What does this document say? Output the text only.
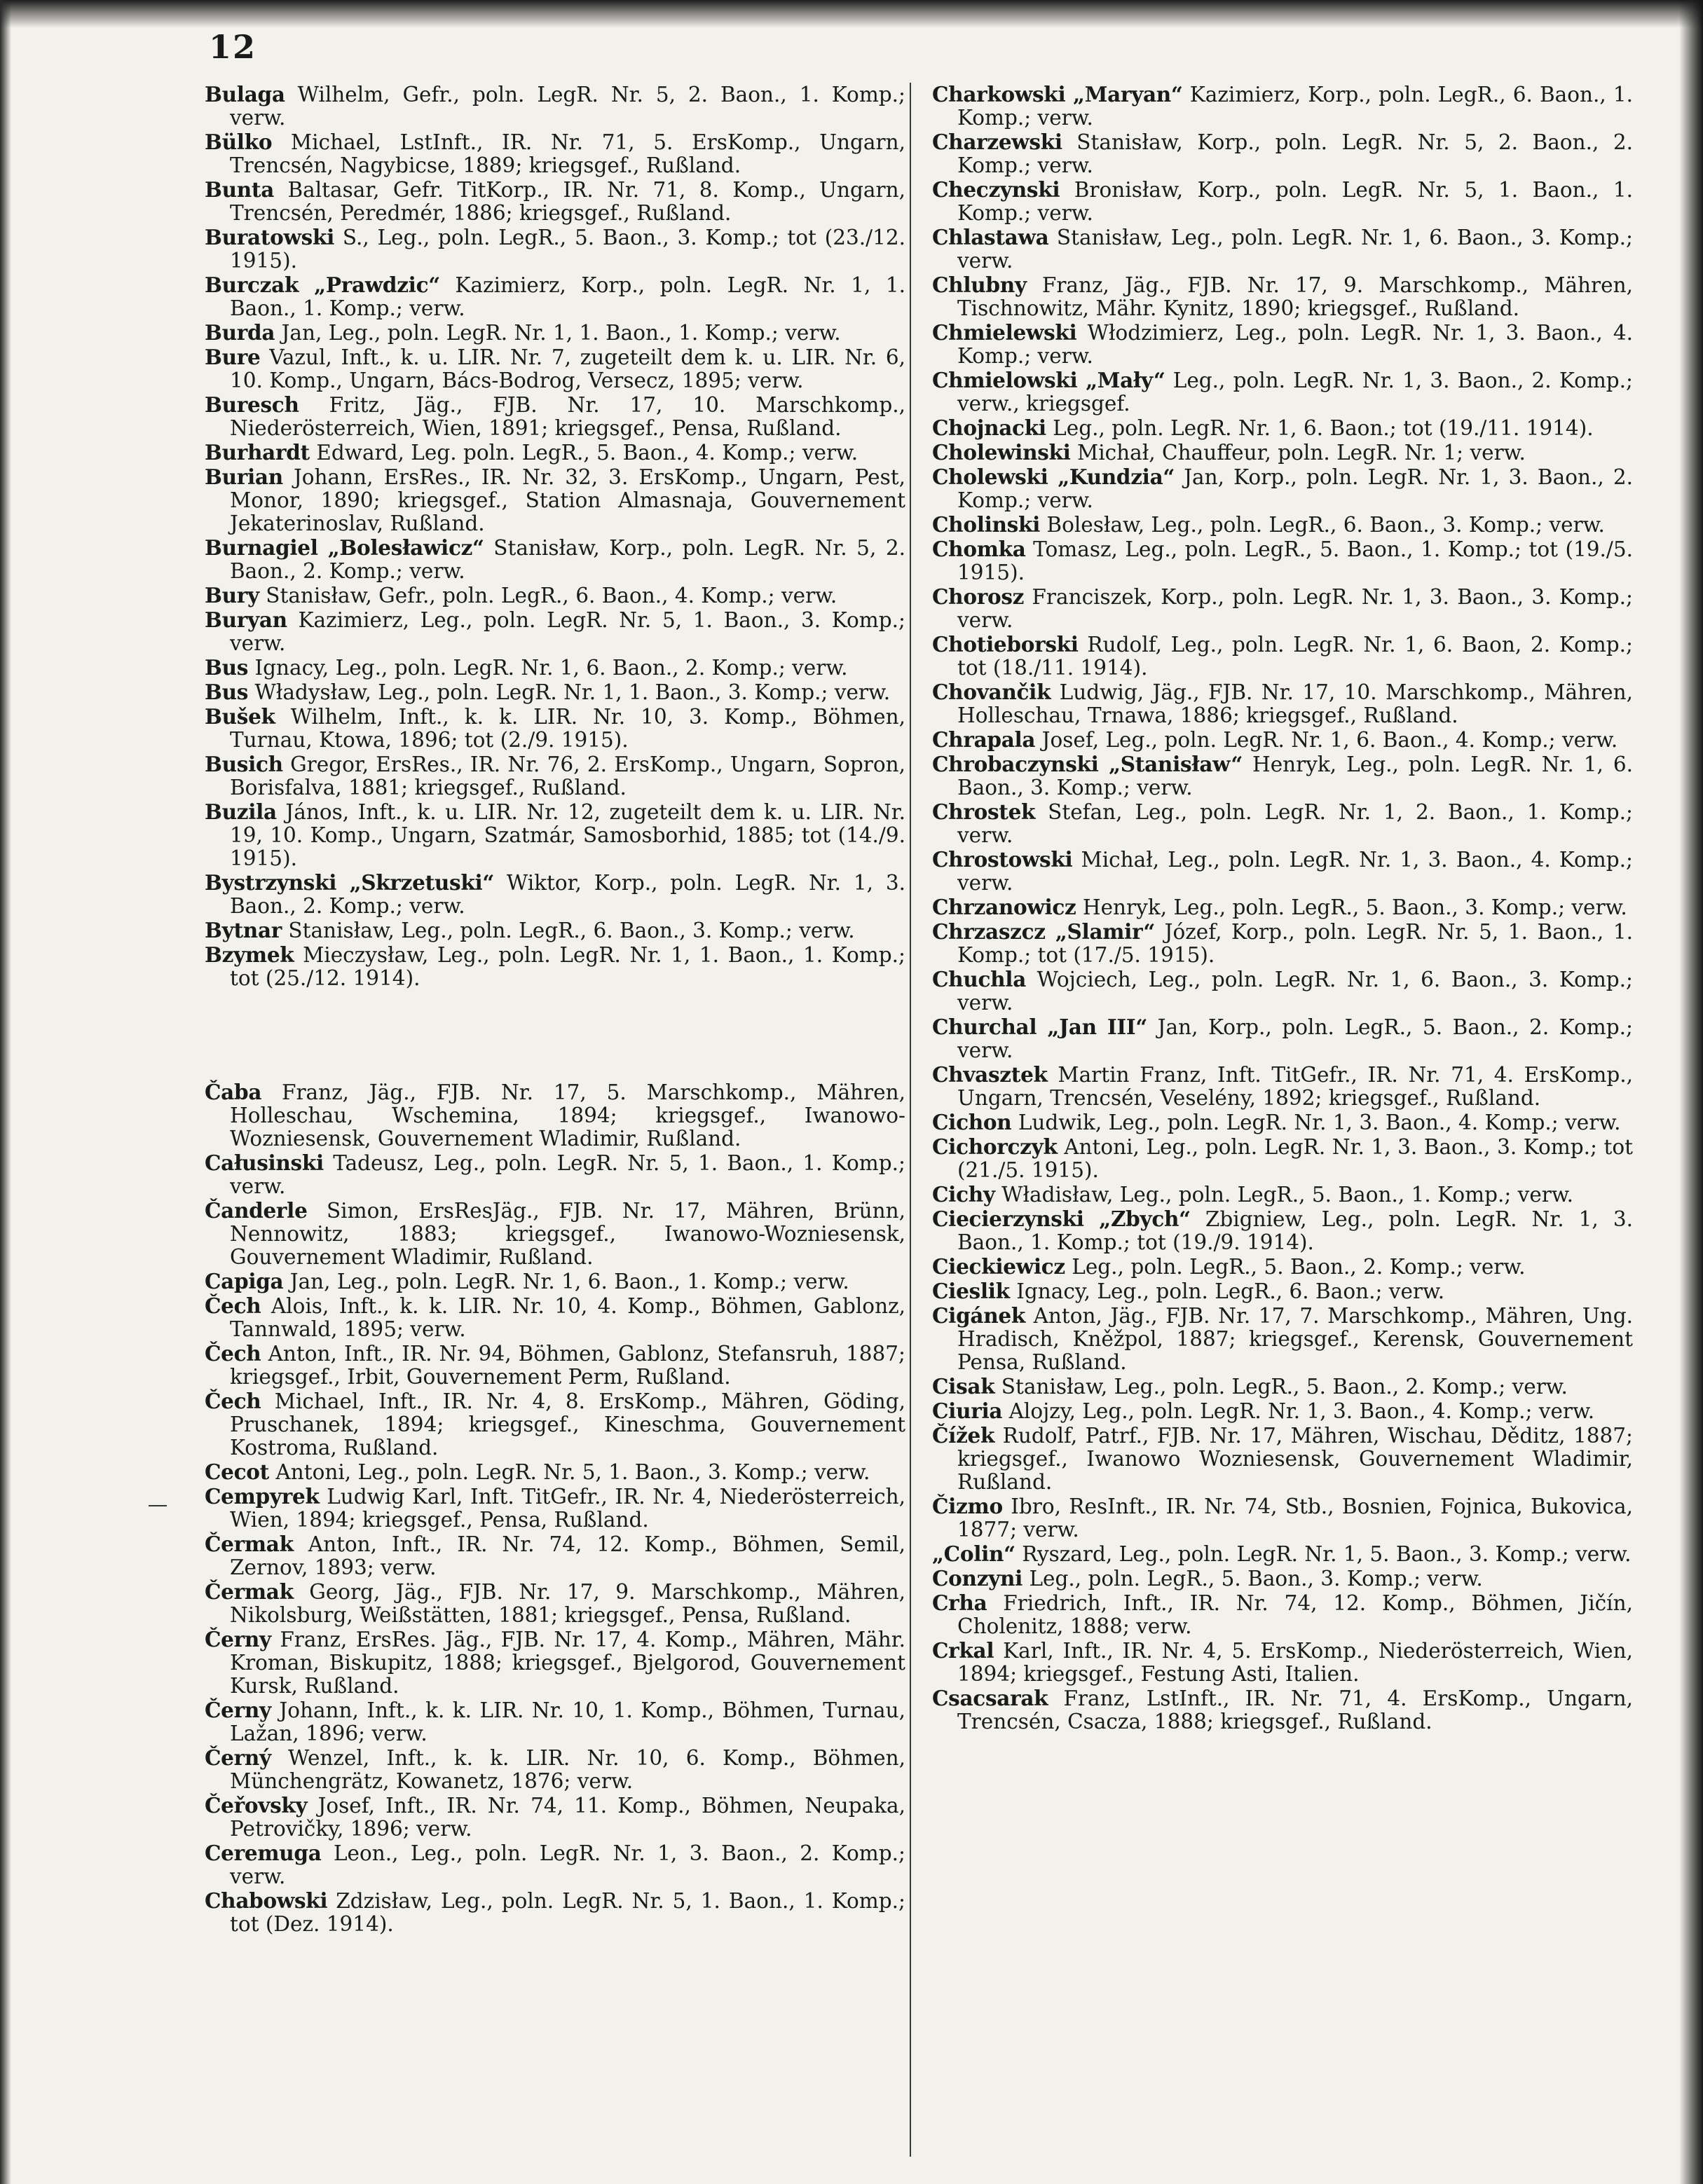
12
Bulaga Wilhelm, Gefr., poln. LegR. Nr. 5, 2. Baon., 1. Komp.; verw.
Bülko Michael, LstInft., IR. Nr. 71, 5. ErsKomp., Ungarn, Trencsén, Nagybicse, 1889; kriegsgef., Rußland.
Bunta Baltasar, Gefr. TitKorp., IR. Nr. 71, 8. Komp., Ungarn, Trencsén, Peredmér, 1886; kriegsgef., Rußland.
Buratowski S., Leg., poln. LegR., 5. Baon., 3. Komp.; tot (23./12. 1915).
Burczak „Prawdzic“ Kazimierz, Korp., poln. LegR. Nr. 1, 1. Baon., 1. Komp.; verw.
Burda Jan, Leg., poln. LegR. Nr. 1, 1. Baon., 1. Komp.; verw.
Bure Vazul, Inft., k. u. LIR. Nr. 7, zugeteilt dem k. u. LIR. Nr. 6, 10. Komp., Ungarn, Bács-Bodrog, Versecz, 1895; verw.
Buresch Fritz, Jäg., FJB. Nr. 17, 10. Marschkomp., Niederösterreich, Wien, 1891; kriegsgef., Pensa, Rußland.
Burhardt Edward, Leg. poln. LegR., 5. Baon., 4. Komp.; verw.
Burian Johann, ErsRes., IR. Nr. 32, 3. ErsKomp., Ungarn, Pest, Monor, 1890; kriegsgef., Station Almasnaja, Gouvernement Jekaterinoslav, Rußland.
Burnagiel „Bolesławicz“ Stanisław, Korp., poln. LegR. Nr. 5, 2. Baon., 2. Komp.; verw.
Bury Stanisław, Gefr., poln. LegR., 6. Baon., 4. Komp.; verw.
Buryan Kazimierz, Leg., poln. LegR. Nr. 5, 1. Baon., 3. Komp.; verw.
Bus Ignacy, Leg., poln. LegR. Nr. 1, 6. Baon., 2. Komp.; verw.
Bus Władysław, Leg., poln. LegR. Nr. 1, 1. Baon., 3. Komp.; verw.
Bušek Wilhelm, Inft., k. k. LIR. Nr. 10, 3. Komp., Böhmen, Turnau, Ktowa, 1896; tot (2./9. 1915).
Busich Gregor, ErsRes., IR. Nr. 76, 2. ErsKomp., Ungarn, Sopron, Borisfalva, 1881; kriegsgef., Rußland.
Buzila János, Inft., k. u. LIR. Nr. 12, zugeteilt dem k. u. LIR. Nr. 19, 10. Komp., Ungarn, Szatmár, Samosborhid, 1885; tot (14./9. 1915).
Bystrzynski „Skrzetuski“ Wiktor, Korp., poln. LegR. Nr. 1, 3. Baon., 2. Komp.; verw.
Bytnar Stanisław, Leg., poln. LegR., 6. Baon., 3. Komp.; verw.
Bzymek Mieczysław, Leg., poln. LegR. Nr. 1, 1. Baon., 1. Komp.; tot (25./12. 1914).
Čaba Franz, Jäg., FJB. Nr. 17, 5. Marschkomp., Mähren, Holleschau, Wschemina, 1894; kriegsgef., Iwanowo-Wozniesensk, Gouvernement Wladimir, Rußland.
Całusinski Tadeusz, Leg., poln. LegR. Nr. 5, 1. Baon., 1. Komp.; verw.
Čanderle Simon, ErsResJäg., FJB. Nr. 17, Mähren, Brünn, Nennowitz, 1883; kriegsgef., Iwanowo-Wozniesensk, Gouvernement Wladimir, Rußland.
Capiga Jan, Leg., poln. LegR. Nr. 1, 6. Baon., 1. Komp.; verw.
Čech Alois, Inft., k. k. LIR. Nr. 10, 4. Komp., Böhmen, Gablonz, Tannwald, 1895; verw.
Čech Anton, Inft., IR. Nr. 94, Böhmen, Gablonz, Stefansruh, 1887; kriegsgef., Irbit, Gouvernement Perm, Rußland.
Čech Michael, Inft., IR. Nr. 4, 8. ErsKomp., Mähren, Göding, Pruschanek, 1894; kriegsgef., Kineschma, Gouvernement Kostroma, Rußland.
Cecot Antoni, Leg., poln. LegR. Nr. 5, 1. Baon., 3. Komp.; verw.
Cempyrek Ludwig Karl, Inft. TitGefr., IR. Nr. 4, Niederösterreich, Wien, 1894; kriegsgef., Pensa, Rußland.
Čermak Anton, Inft., IR. Nr. 74, 12. Komp., Böhmen, Semil, Zernov, 1893; verw.
Čermak Georg, Jäg., FJB. Nr. 17, 9. Marschkomp., Mähren, Nikolsburg, Weißstätten, 1881; kriegsgef., Pensa, Rußland.
Černy Franz, ErsRes. Jäg., FJB. Nr. 17, 4. Komp., Mähren, Mähr. Kroman, Biskupitz, 1888; kriegsgef., Bjelgorod, Gouvernement Kursk, Rußland.
Černy Johann, Inft., k. k. LIR. Nr. 10, 1. Komp., Böhmen, Turnau, Lažan, 1896; verw.
Černý Wenzel, Inft., k. k. LIR. Nr. 10, 6. Komp., Böhmen, Münchengrätz, Kowanetz, 1876; verw.
Čeřovsky Josef, Inft., IR. Nr. 74, 11. Komp., Böhmen, Neupaka, Petrovičky, 1896; verw.
Ceremuga Leon., Leg., poln. LegR. Nr. 1, 3. Baon., 2. Komp.; verw.
Chabowski Zdzisław, Leg., poln. LegR. Nr. 5, 1. Baon., 1. Komp.; tot (Dez. 1914).
Charkowski „Maryan“ Kazimierz, Korp., poln. LegR., 6. Baon., 1. Komp.; verw.
Charzewski Stanisław, Korp., poln. LegR. Nr. 5, 2. Baon., 2. Komp.; verw.
Checzynski Bronisław, Korp., poln. LegR. Nr. 5, 1. Baon., 1. Komp.; verw.
Chlastawa Stanisław, Leg., poln. LegR. Nr. 1, 6. Baon., 3. Komp.; verw.
Chlubny Franz, Jäg., FJB. Nr. 17, 9. Marschkomp., Mähren, Tischnowitz, Mähr. Kynitz, 1890; kriegsgef., Rußland.
Chmielewski Włodzimierz, Leg., poln. LegR. Nr. 1, 3. Baon., 4. Komp.; verw.
Chmielowski „Mały“ Leg., poln. LegR. Nr. 1, 3. Baon., 2. Komp.; verw., kriegsgef.
Chojnacki Leg., poln. LegR. Nr. 1, 6. Baon.; tot (19./11. 1914).
Cholewinski Michał, Chauffeur, poln. LegR. Nr. 1; verw.
Cholewski „Kundzia“ Jan, Korp., poln. LegR. Nr. 1, 3. Baon., 2. Komp.; verw.
Cholinski Bolesław, Leg., poln. LegR., 6. Baon., 3. Komp.; verw.
Chomka Tomasz, Leg., poln. LegR., 5. Baon., 1. Komp.; tot (19./5. 1915).
Chorosz Franciszek, Korp., poln. LegR. Nr. 1, 3. Baon., 3. Komp.; verw.
Chotieborski Rudolf, Leg., poln. LegR. Nr. 1, 6. Baon, 2. Komp.; tot (18./11. 1914).
Chovančik Ludwig, Jäg., FJB. Nr. 17, 10. Marschkomp., Mähren, Holleschau, Trnawa, 1886; kriegsgef., Rußland.
Chrapala Josef, Leg., poln. LegR. Nr. 1, 6. Baon., 4. Komp.; verw.
Chrobaczynski „Stanisław“ Henryk, Leg., poln. LegR. Nr. 1, 6. Baon., 3. Komp.; verw.
Chrostek Stefan, Leg., poln. LegR. Nr. 1, 2. Baon., 1. Komp.; verw.
Chrostowski Michał, Leg., poln. LegR. Nr. 1, 3. Baon., 4. Komp.; verw.
Chrzanowicz Henryk, Leg., poln. LegR., 5. Baon., 3. Komp.; verw.
Chrzaszcz „Slamir“ Józef, Korp., poln. LegR. Nr. 5, 1. Baon., 1. Komp.; tot (17./5. 1915).
Chuchla Wojciech, Leg., poln. LegR. Nr. 1, 6. Baon., 3. Komp.; verw.
Churchal „Jan III“ Jan, Korp., poln. LegR., 5. Baon., 2. Komp.; verw.
Chvasztek Martin Franz, Inft. TitGefr., IR. Nr. 71, 4. ErsKomp., Ungarn, Trencsén, Veselény, 1892; kriegsgef., Rußland.
Cichon Ludwik, Leg., poln. LegR. Nr. 1, 3. Baon., 4. Komp.; verw.
Cichorczyk Antoni, Leg., poln. LegR. Nr. 1, 3. Baon., 3. Komp.; tot (21./5. 1915).
Cichy Władisław, Leg., poln. LegR., 5. Baon., 1. Komp.; verw.
Ciecierzynski „Zbych“ Zbigniew, Leg., poln. LegR. Nr. 1, 3. Baon., 1. Komp.; tot (19./9. 1914).
Cieckiewicz Leg., poln. LegR., 5. Baon., 2. Komp.; verw.
Cieslik Ignacy, Leg., poln. LegR., 6. Baon.; verw.
Cigánek Anton, Jäg., FJB. Nr. 17, 7. Marschkomp., Mähren, Ung. Hradisch, Kněžpol, 1887; kriegsgef., Kerensk, Gouvernement Pensa, Rußland.
Cisak Stanisław, Leg., poln. LegR., 5. Baon., 2. Komp.; verw.
Ciuria Alojzy, Leg., poln. LegR. Nr. 1, 3. Baon., 4. Komp.; verw.
Čížek Rudolf, Patrf., FJB. Nr. 17, Mähren, Wischau, Děditz, 1887; kriegsgef., Iwanowo Wozniesensk, Gouvernement Wladimir, Rußland.
Čizmo Ibro, ResInft., IR. Nr. 74, Stb., Bosnien, Fojnica, Bukovica, 1877; verw.
„Colin“ Ryszard, Leg., poln. LegR. Nr. 1, 5. Baon., 3. Komp.; verw.
Conzyni Leg., poln. LegR., 5. Baon., 3. Komp.; verw.
Crha Friedrich, Inft., IR. Nr. 74, 12. Komp., Böhmen, Jičín, Cholenitz, 1888; verw.
Crkal Karl, Inft., IR. Nr. 4, 5. ErsKomp., Niederösterreich, Wien, 1894; kriegsgef., Festung Asti, Italien.
Csacsarak Franz, LstInft., IR. Nr. 71, 4. ErsKomp., Ungarn, Trencsén, Csacza, 1888; kriegsgef., Rußland.
